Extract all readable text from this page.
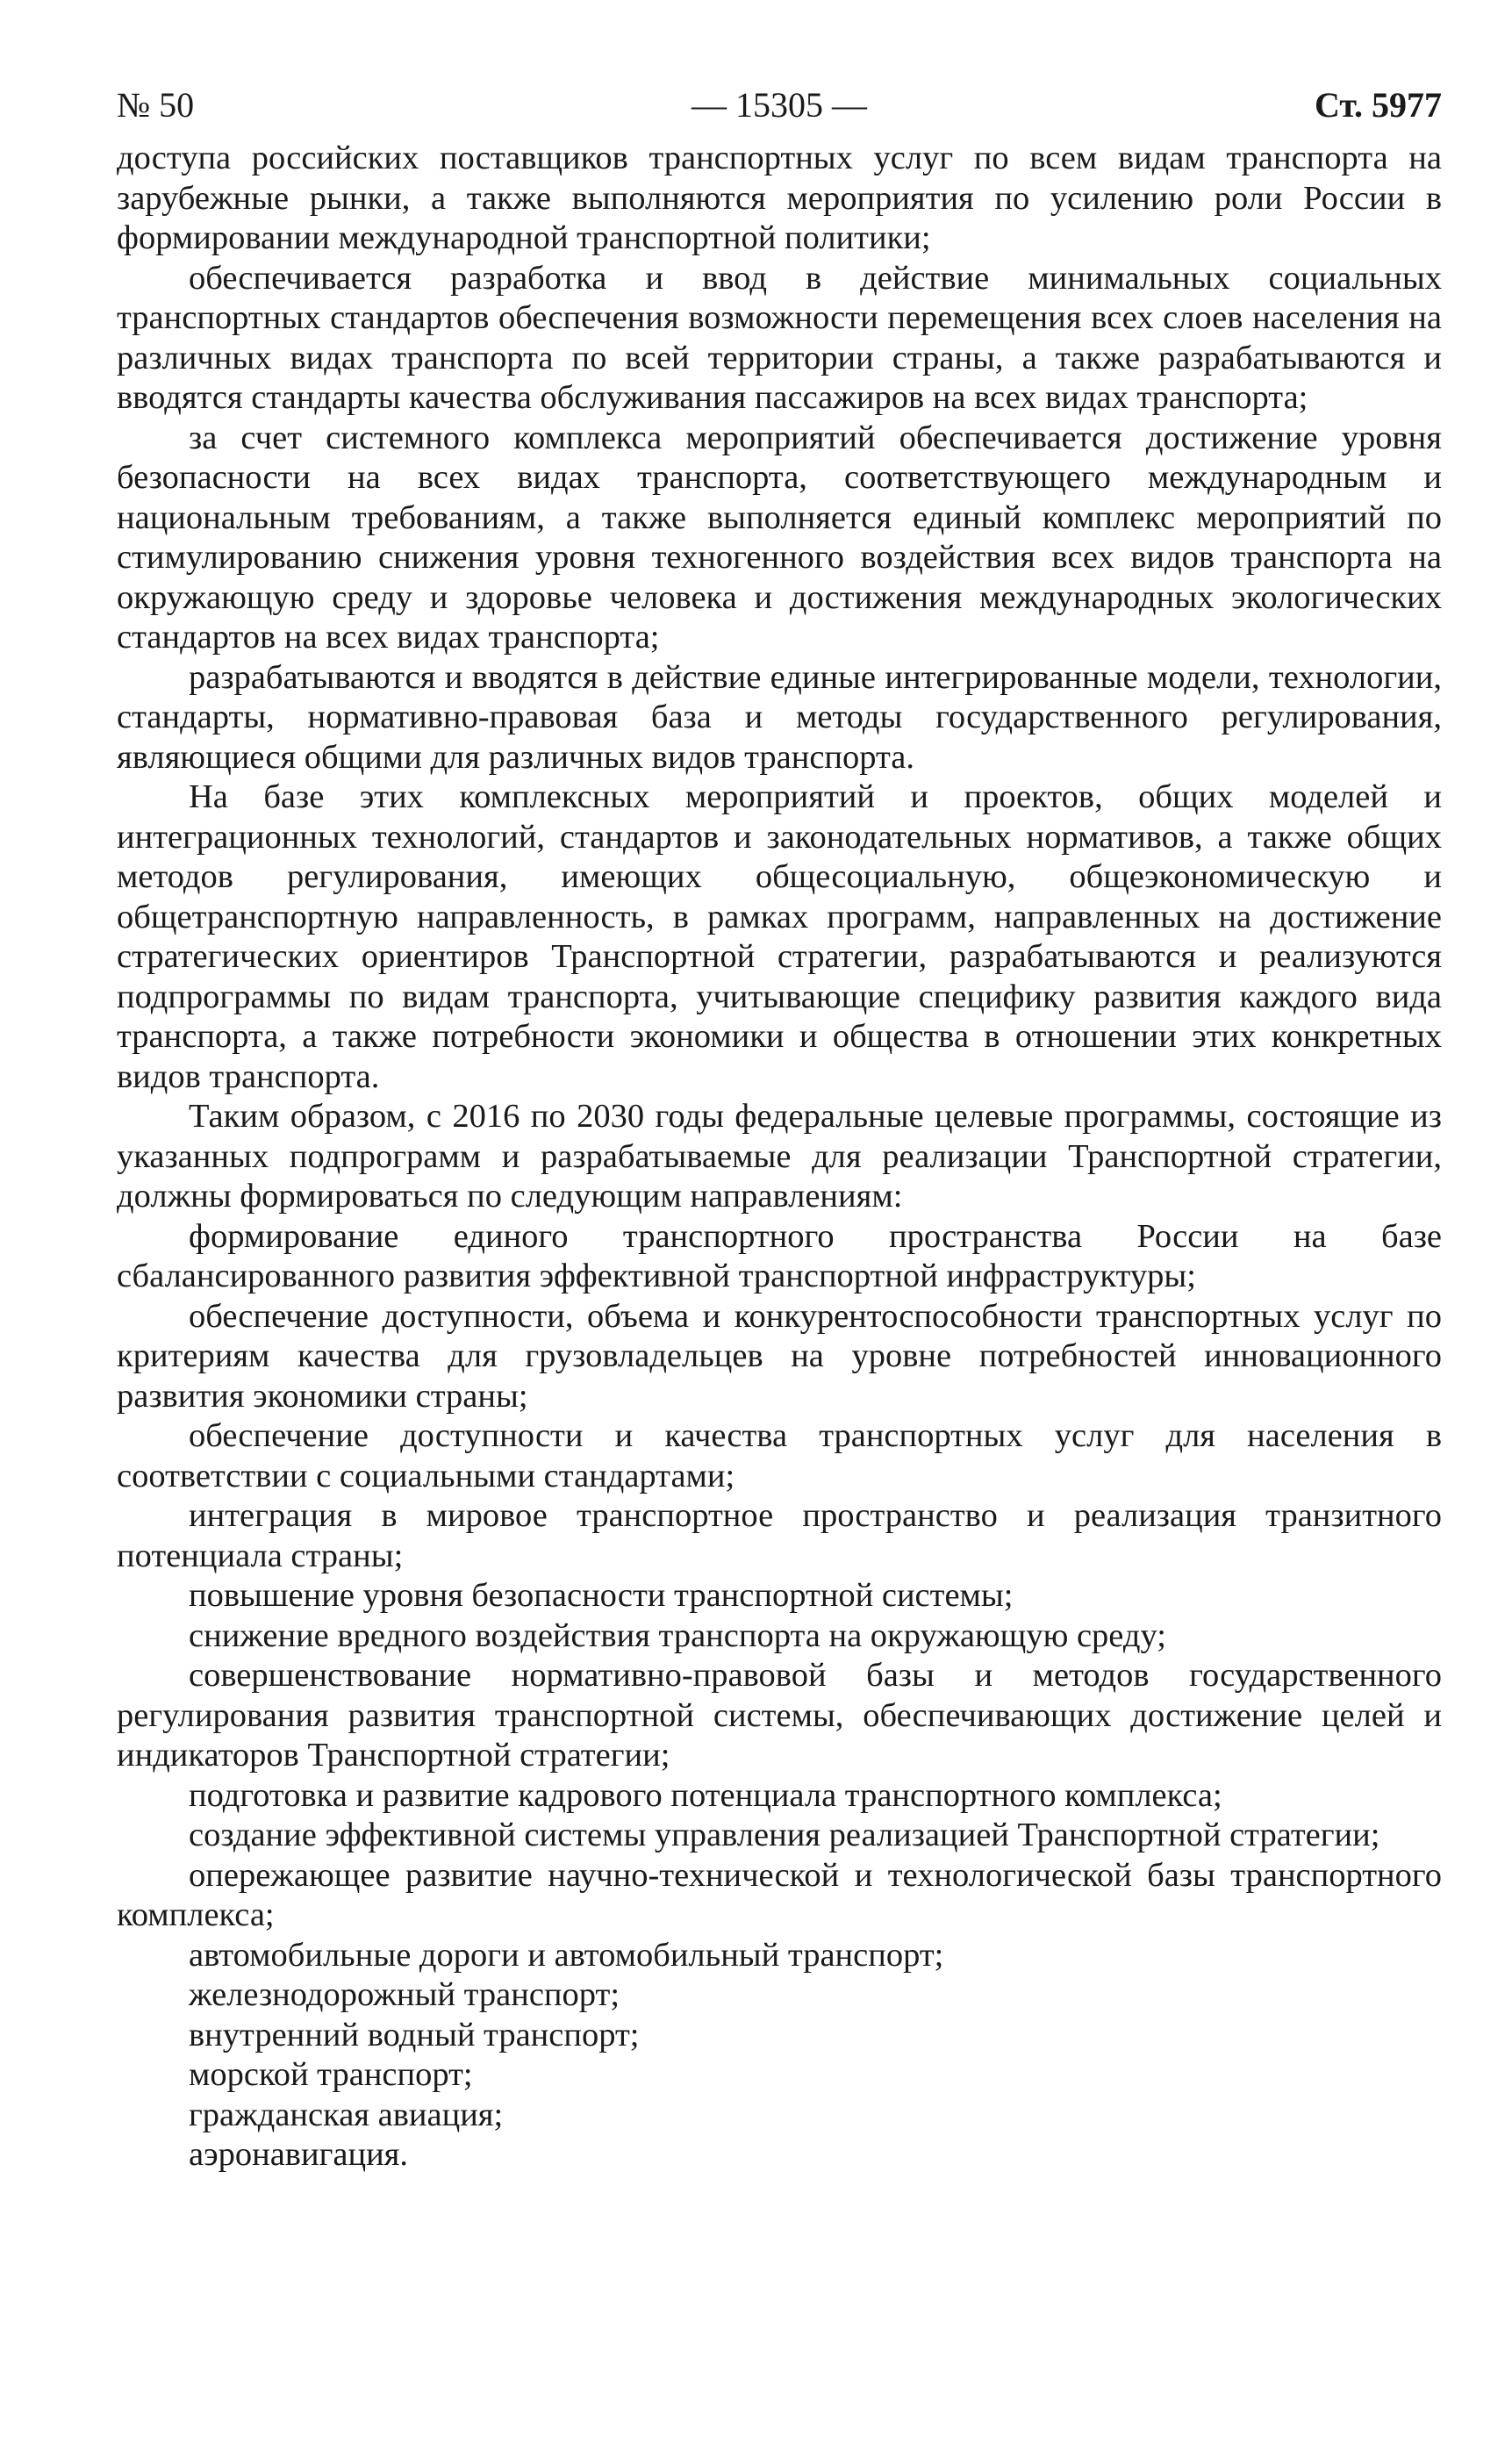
№ 50	— 15305 —	Ст. 5977

доступа российских поставщиков транспортных услуг по всем видам транспорта на зарубежные рынки, а также выполняются мероприятия по усилению роли России в формировании международной транспортной политики;

обеспечивается разработка и ввод в действие минимальных социальных транспортных стандартов обеспечения возможности перемещения всех слоев населения на различных видах транспорта по всей территории страны, а также разрабатываются и вводятся стандарты качества обслуживания пассажиров на всех видах транспорта;

за счет системного комплекса мероприятий обеспечивается достижение уровня безопасности на всех видах транспорта, соответствующего международным и национальным требованиям, а также выполняется единый комплекс мероприятий по стимулированию снижения уровня техногенного воздействия всех видов транспорта на окружающую среду и здоровье человека и достижения международных экологических стандартов на всех видах транспорта;

разрабатываются и вводятся в действие единые интегрированные модели, технологии, стандарты, нормативно-правовая база и методы государственного регулирования, являющиеся общими для различных видов транспорта.

На базе этих комплексных мероприятий и проектов, общих моделей и интеграционных технологий, стандартов и законодательных нормативов, а также общих методов регулирования, имеющих общесоциальную, общеэкономическую и общетранспортную направленность, в рамках программ, направленных на достижение стратегических ориентиров Транспортной стратегии, разрабатываются и реализуются подпрограммы по видам транспорта, учитывающие специфику развития каждого вида транспорта, а также потребности экономики и общества в отношении этих конкретных видов транспорта.

Таким образом, с 2016 по 2030 годы федеральные целевые программы, состоящие из указанных подпрограмм и разрабатываемые для реализации Транспортной стратегии, должны формироваться по следующим направлениям:

формирование единого транспортного пространства России на базе сбалансированного развития эффективной транспортной инфраструктуры;

обеспечение доступности, объема и конкурентоспособности транспортных услуг по критериям качества для грузовладельцев на уровне потребностей инновационного развития экономики страны;

обеспечение доступности и качества транспортных услуг для населения в соответствии с социальными стандартами;

интеграция в мировое транспортное пространство и реализация транзитного потенциала страны;

повышение уровня безопасности транспортной системы;

снижение вредного воздействия транспорта на окружающую среду;

совершенствование нормативно-правовой базы и методов государственного регулирования развития транспортной системы, обеспечивающих достижение целей и индикаторов Транспортной стратегии;

подготовка и развитие кадрового потенциала транспортного комплекса;

создание эффективной системы управления реализацией Транспортной стратегии;

опережающее развитие научно-технической и технологической базы транспортного комплекса;

автомобильные дороги и автомобильный транспорт;

железнодорожный транспорт;

внутренний водный транспорт;

морской транспорт;

гражданская авиация;

аэронавигация.
